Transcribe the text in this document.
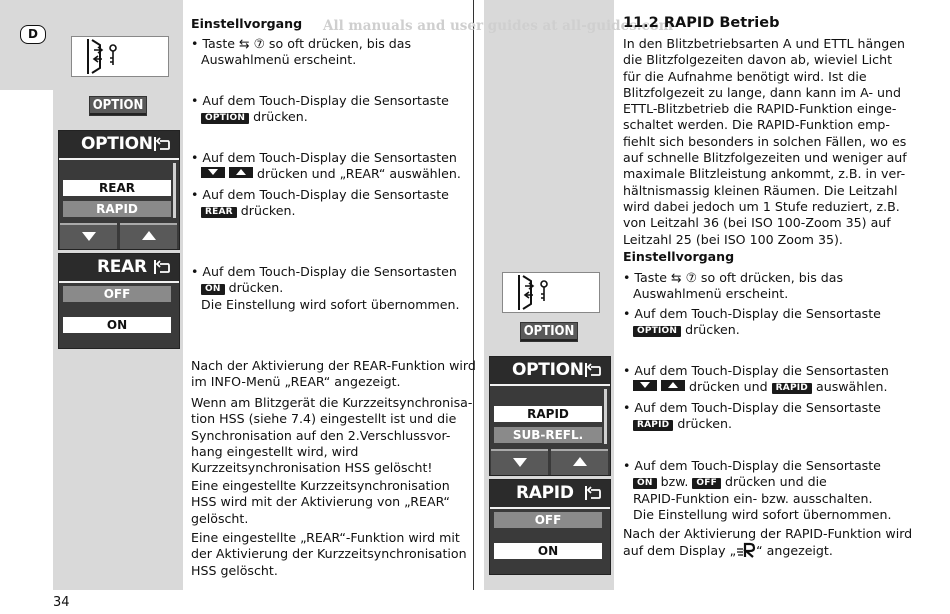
D	All manuals and user guides at all-guides.com
OPTION
OPTION
REAR
RAPID
REAR
OFF
ON
Einstellvorgang
• Taste ⇆ ⑦ so oft drücken, bis das
Auswahlmenü erscheint.
• Auf dem Touch-Display die Sensortaste
OPTION drücken.
• Auf dem Touch-Display die Sensortasten
drücken und „REAR“ auswählen.
• Auf dem Touch-Display die Sensortaste
REAR drücken.
• Auf dem Touch-Display die Sensortasten
ON drücken.
Die Einstellung wird sofort übernommen.
Nach der Aktivierung der REAR-Funktion wird
im INFO-Menü „REAR“ angezeigt.
Wenn am Blitzgerät die Kurzzeitsynchronisa-
tion HSS (siehe 7.4) eingestellt ist und die
Synchronisation auf den 2.Verschlussvor-
hang eingestellt wird, wird
Kurzzeitsynchronisation HSS gelöscht!
Eine eingestellte Kurzzeitsynchronisation
HSS wird mit der Aktivierung von „REAR“
gelöscht.
Eine eingestellte „REAR“-Funktion wird mit
der Aktivierung der Kurzzeitsynchronisation
HSS gelöscht.
OPTION
OPTION
RAPID
SUB-REFL.
RAPID
OFF
ON
11.2 RAPID Betrieb
In den Blitzbetriebsarten A und ETTL hängen
die Blitzfolgezeiten davon ab, wieviel Licht
für die Aufnahme benötigt wird. Ist die
Blitzfolgezeit zu lange, dann kann im A- und
ETTL-Blitzbetrieb die RAPID-Funktion einge-
schaltet werden. Die RAPID-Funktion emp-
fiehlt sich besonders in solchen Fällen, wo es
auf schnelle Blitzfolgezeiten und weniger auf
maximale Blitzleistung ankommt, z.B. in ver-
hältnismassig kleinen Räumen. Die Leitzahl
wird dabei jedoch um 1 Stufe reduziert, z.B.
von Leitzahl 36 (bei ISO 100-Zoom 35) auf
Leitzahl 25 (bei ISO 100 Zoom 35).
Einstellvorgang
• Taste ⇆ ⑦ so oft drücken, bis das
Auswahlmenü erscheint.
• Auf dem Touch-Display die Sensortaste
OPTION drücken.
• Auf dem Touch-Display die Sensortasten
drücken und RAPID auswählen.
• Auf dem Touch-Display die Sensortaste
RAPID drücken.
• Auf dem Touch-Display die Sensortaste
ON bzw. OFF drücken und die
RAPID-Funktion ein- bzw. ausschalten.
Die Einstellung wird sofort übernommen.
Nach der Aktivierung der RAPID-Funktion wird
auf dem Display „ “ angezeigt.
34
